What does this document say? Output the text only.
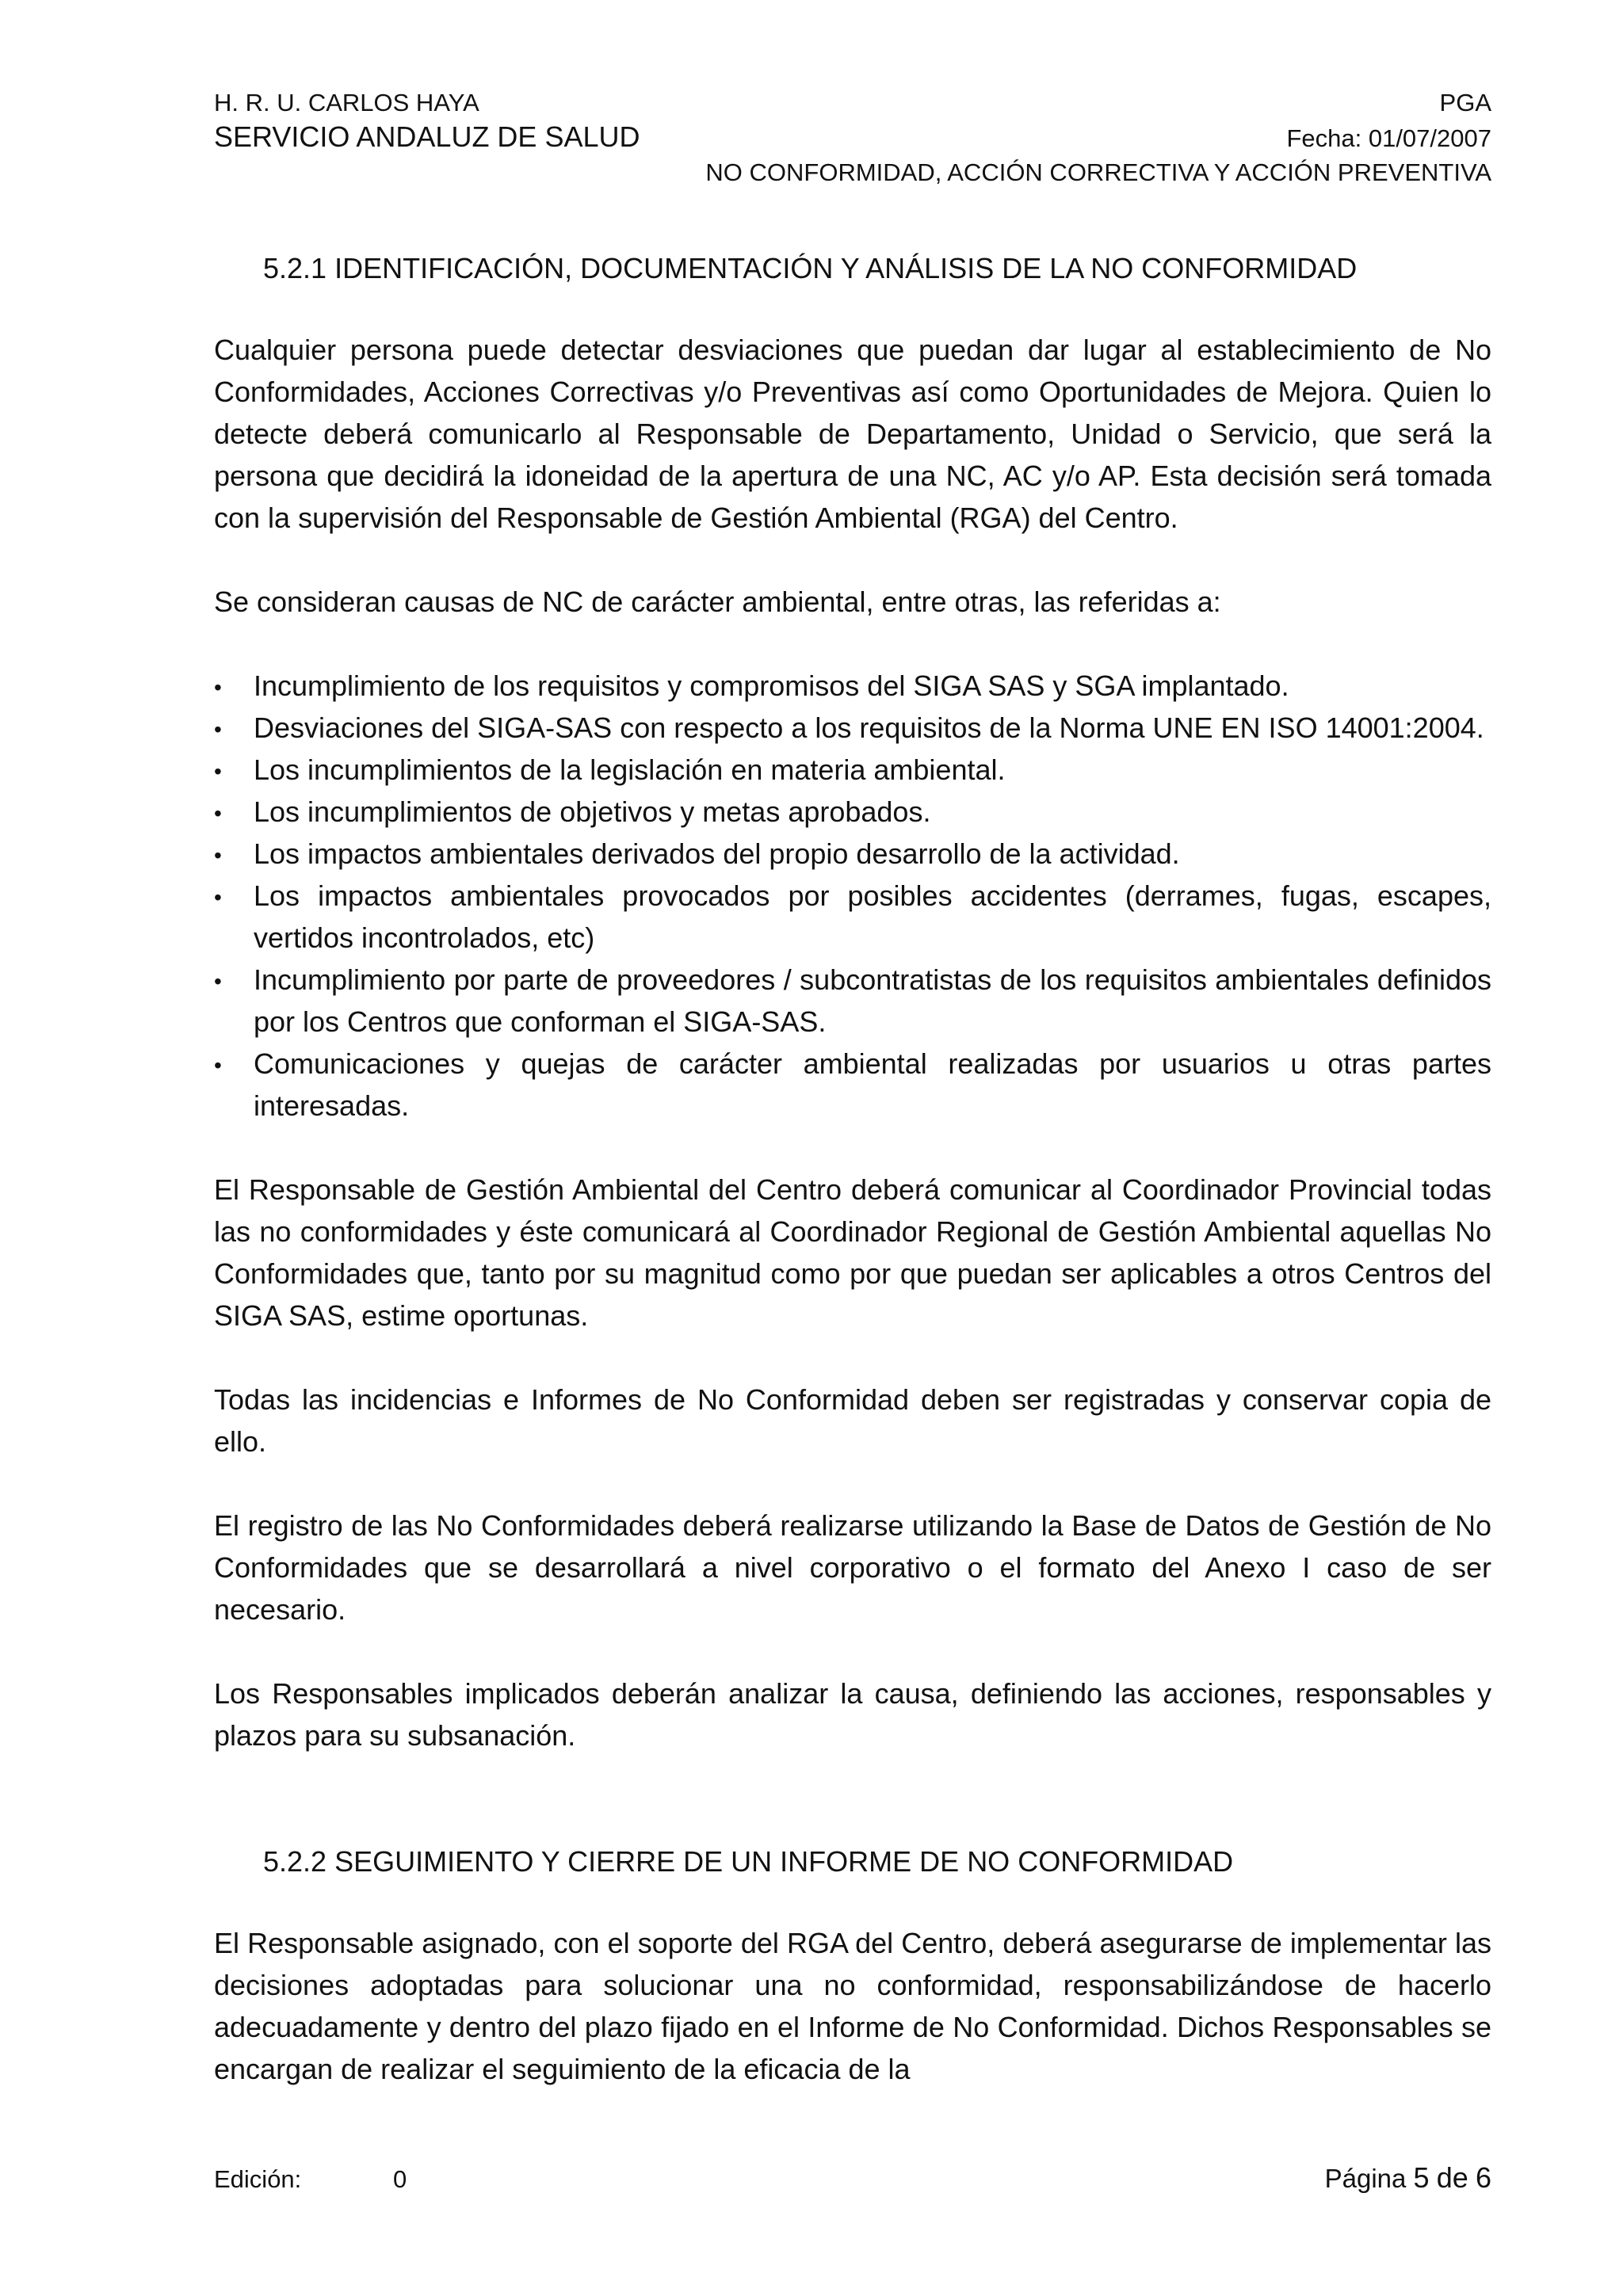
H. R. U. CARLOS HAYA	PGA
SERVICIO ANDALUZ DE SALUD	Fecha: 01/07/2007
NO CONFORMIDAD, ACCIÓN CORRECTIVA Y ACCIÓN PREVENTIVA
5.2.1 IDENTIFICACIÓN, DOCUMENTACIÓN Y ANÁLISIS DE LA NO CONFORMIDAD

Cualquier persona puede detectar desviaciones que puedan dar lugar al establecimiento de No Conformidades, Acciones Correctivas y/o Preventivas así como Oportunidades de Mejora. Quien lo detecte deberá comunicarlo al Responsable de Departamento, Unidad o Servicio, que será la persona que decidirá la idoneidad de la apertura de una NC, AC y/o AP. Esta decisión será tomada con la supervisión del Responsable de Gestión Ambiental (RGA) del Centro.

Se consideran causas de NC de carácter ambiental, entre otras, las referidas a:

• Incumplimiento de los requisitos y compromisos del SIGA SAS y SGA implantado.
• Desviaciones del SIGA-SAS con respecto a los requisitos de la Norma UNE EN ISO 14001:2004.
• Los incumplimientos de la legislación en materia ambiental.
• Los incumplimientos de objetivos y metas aprobados.
• Los impactos ambientales derivados del propio desarrollo de la actividad.
• Los impactos ambientales provocados por posibles accidentes (derrames, fugas, escapes, vertidos incontrolados, etc)
• Incumplimiento por parte de proveedores / subcontratistas de los requisitos ambientales definidos por los Centros que conforman el SIGA-SAS.
• Comunicaciones y quejas de carácter ambiental realizadas por usuarios u otras partes interesadas.

El Responsable de Gestión Ambiental del Centro deberá comunicar al Coordinador Provincial todas las no conformidades y éste comunicará al Coordinador Regional de Gestión Ambiental aquellas No Conformidades que, tanto por su magnitud como por que puedan ser aplicables a otros Centros del SIGA SAS, estime oportunas.

Todas las incidencias e Informes de No Conformidad deben ser registradas y conservar copia de ello.

El registro de las No Conformidades deberá realizarse utilizando la Base de Datos de Gestión de No Conformidades que se desarrollará a nivel corporativo o el formato del Anexo I caso de ser necesario.

Los Responsables implicados deberán analizar la causa, definiendo las acciones, responsables y plazos para su subsanación.

5.2.2 SEGUIMIENTO Y CIERRE DE UN INFORME DE NO CONFORMIDAD

El Responsable asignado, con el soporte del RGA del Centro, deberá asegurarse de implementar las decisiones adoptadas para solucionar una no conformidad, responsabilizándose de hacerlo adecuadamente y dentro del plazo fijado en el Informe de No Conformidad. Dichos Responsables se encargan de realizar el seguimiento de la eficacia de la

Edición:	0	Página 5 de 6
